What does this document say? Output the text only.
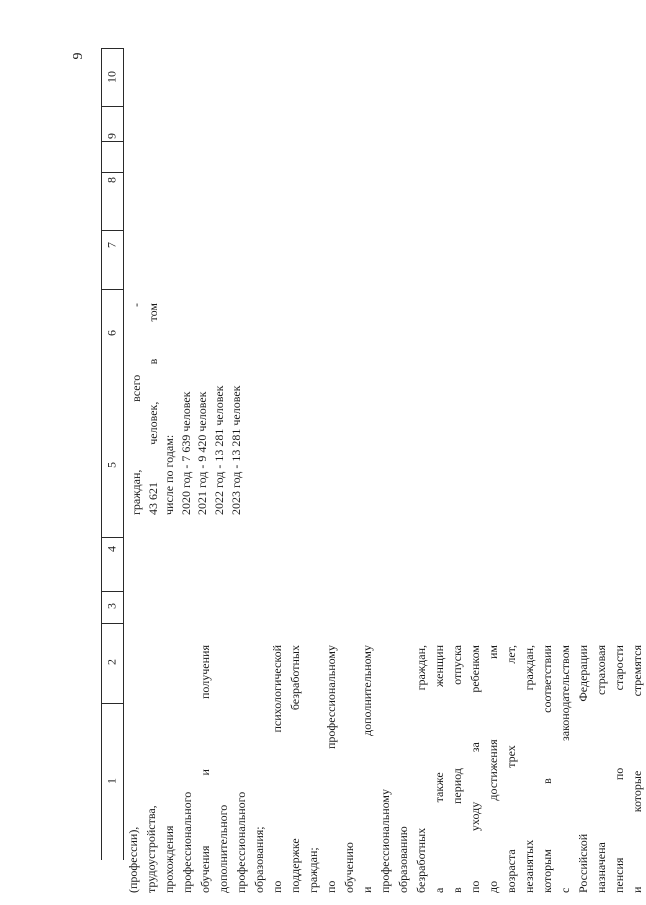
9
10
9
8
7
6
5
4
3
2
1
граждан,
всего
-
43 621
человек,
в
том
числе по годам: 2020 год - 7 639 человек 2021 год - 9 420 человек 2022 год - 13 281 человек 2023 год - 13 281 человек
(профессии), трудоустройства, прохождения профессионального обучения
и
получения
дополнительного профессионального образования; по
психологической
поддержке
безработных
граждан; по
профессиональному
обучению и
дополнительному
профессиональному образованию безработных
граждан,
а
также
женщин
в
период
отпуска
по
уходу
за
ребенком
до
достижения
им
возраста
трех
лет,
незанятых
граждан,
которым
в
соответствии
с
законодательством
Российской
Федерации
назначена
страховая
пенсия
по
старости
и
которые
стремятся
